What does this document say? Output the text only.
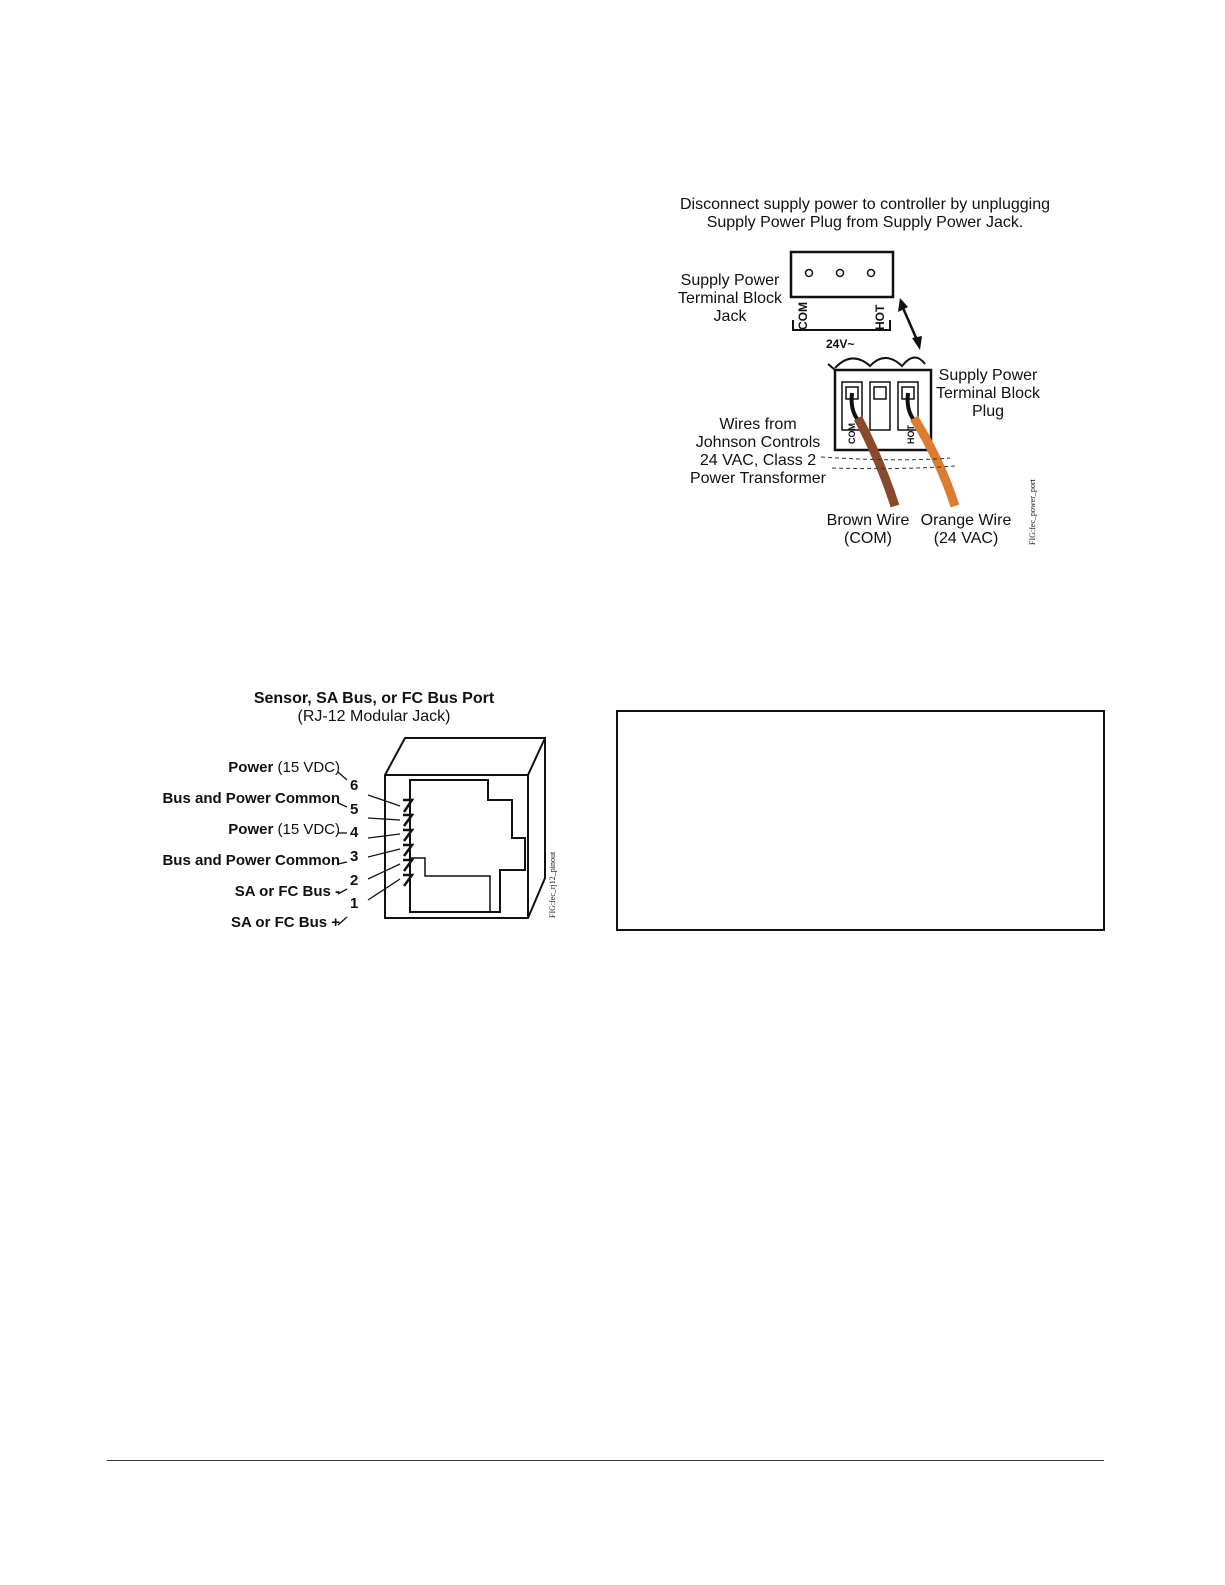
Disconnect supply power to controller by unplugging
Supply Power Plug from Supply Power Jack.
Supply Power
Terminal Block
Jack
Supply Power
Terminal Block
Plug
Wires from
Johnson Controls
24 VAC, Class 2
Power Transformer
Brown Wire
(COM)
Orange Wire
(24 VAC)	FIG:fec_power_port
COM	HOT
24V~
COM	HOT
Sensor, SA Bus, or FC Bus Port
(RJ-12 Modular Jack)
Power (15 VDC)
Bus and Power Common
Power (15 VDC)
Bus and Power Common
SA or FC Bus -
SA or FC Bus +
6
5
4
3
2
1	FIG:fec_rj12_pinout
